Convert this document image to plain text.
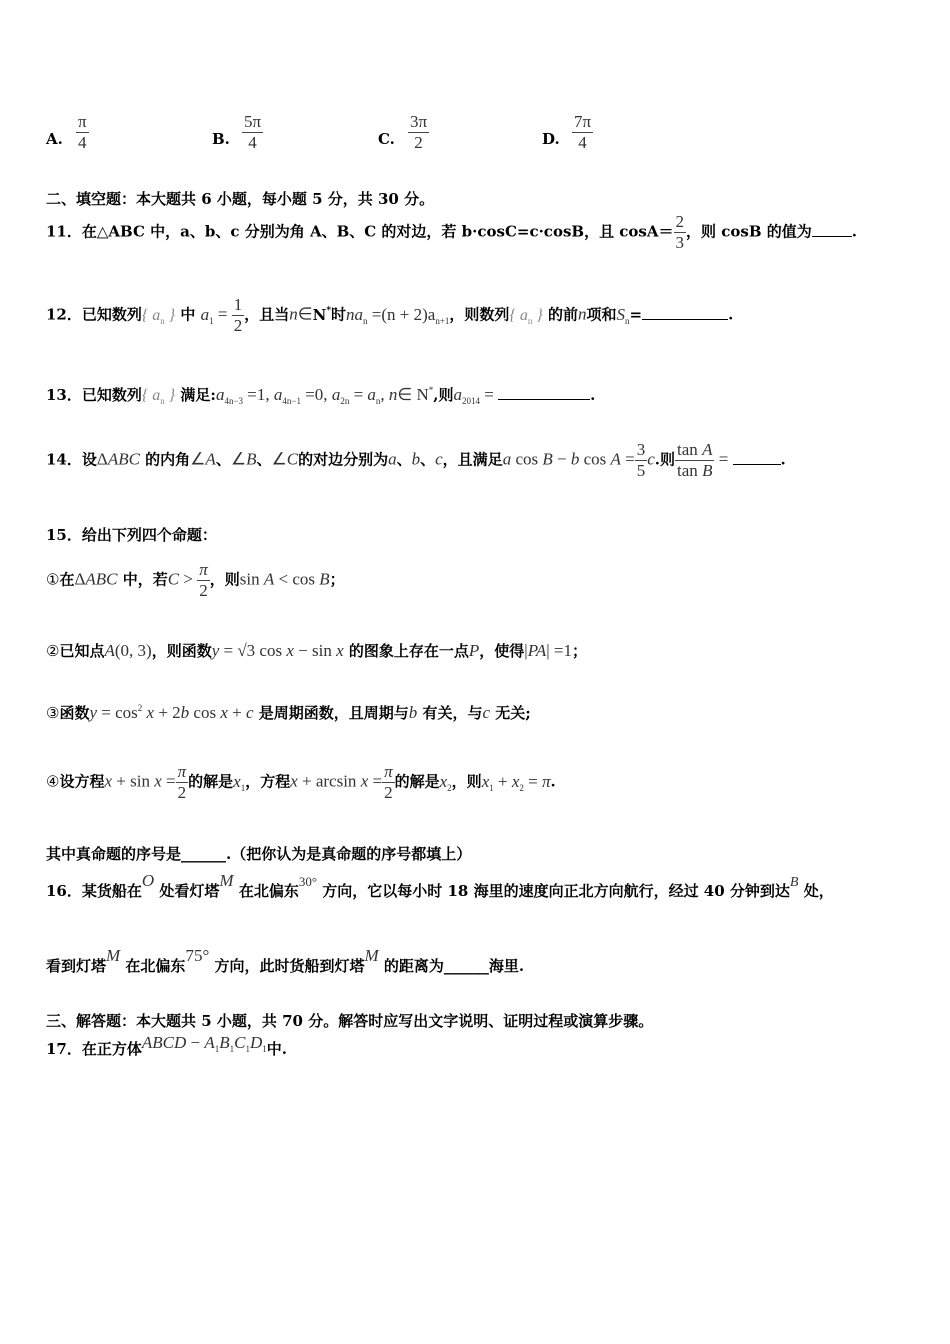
A. $\frac{\pi}{4}$	B. $\frac{5\pi}{4}$	C. $\frac{3\pi}{2}$	D. $\frac{7\pi}{4}$
二、填空题：本大题共 6 小题，每小题 5 分，共 30 分。
11．在△ABC 中，a、b、c 分别为角 A、B、C 的对边，若 b·cosC=c·cosB，且 $\cos A= \frac{2}{3}$ ，则 cosB 的值为	.
12．已知数列{ $a_n$ } 中 $a_1 = \frac{1}{2}$ ，且当n∈N*时$na_n =(n + 2)a_{n+1}$，则数列{ $a_n$ } 的前n项和$S_n=$	.
13．已知数列{ $a_n$ } 满足$:a_{4n-3} =1$, $a_{4n-1} =0$, $a_{2n} = a_n$, n∈ N*,则$a_{2014}$ =	.
14．设ΔABC 的内角∠A、∠B、∠C的对边分别为a、b、c，且满足a cos B − b $\cos A = \frac{3}{5} c$.则 $\frac{\text{tan A}}{\text{tan B}}$ =	.
15．给出下列四个命题：
①在ΔABC 中，若$C > \frac{\pi}{2}$ ，则sin A < cos B；
②已知点A(0, 3)，则函数y = √3 cos x − sin x 的图象上存在一点P，使得|PA| =1；
③函数$y = \cos^2 x + 2b$ cos x + c 是周期函数，且周期与b 有关，与c 无关;
④设方程$x + \sin x = \frac{\pi}{2}$ 的解是$x_1$，方程$x + \arcsin x = \frac{\pi}{2}$ 的解是$x_2$，则$x_1 + x_2 = \pi$.
其中真命题的序号是______.（把你认为是真命题的序号都填上）
16．某货船在O 处看灯塔M 在北偏东30° 方向，它以每小时 18 海里的速度向正北方向航行，经过 40 分钟到达B 处，
看到灯塔M 在北偏东75° 方向，此时货船到灯塔M 的距离为______海里.
三、解答题：本大题共 5 小题，共 70 分。解答时应写出文字说明、证明过程或演算步骤。
17．在正方体ABCD − $A_1B_1C_1D_1$中.
